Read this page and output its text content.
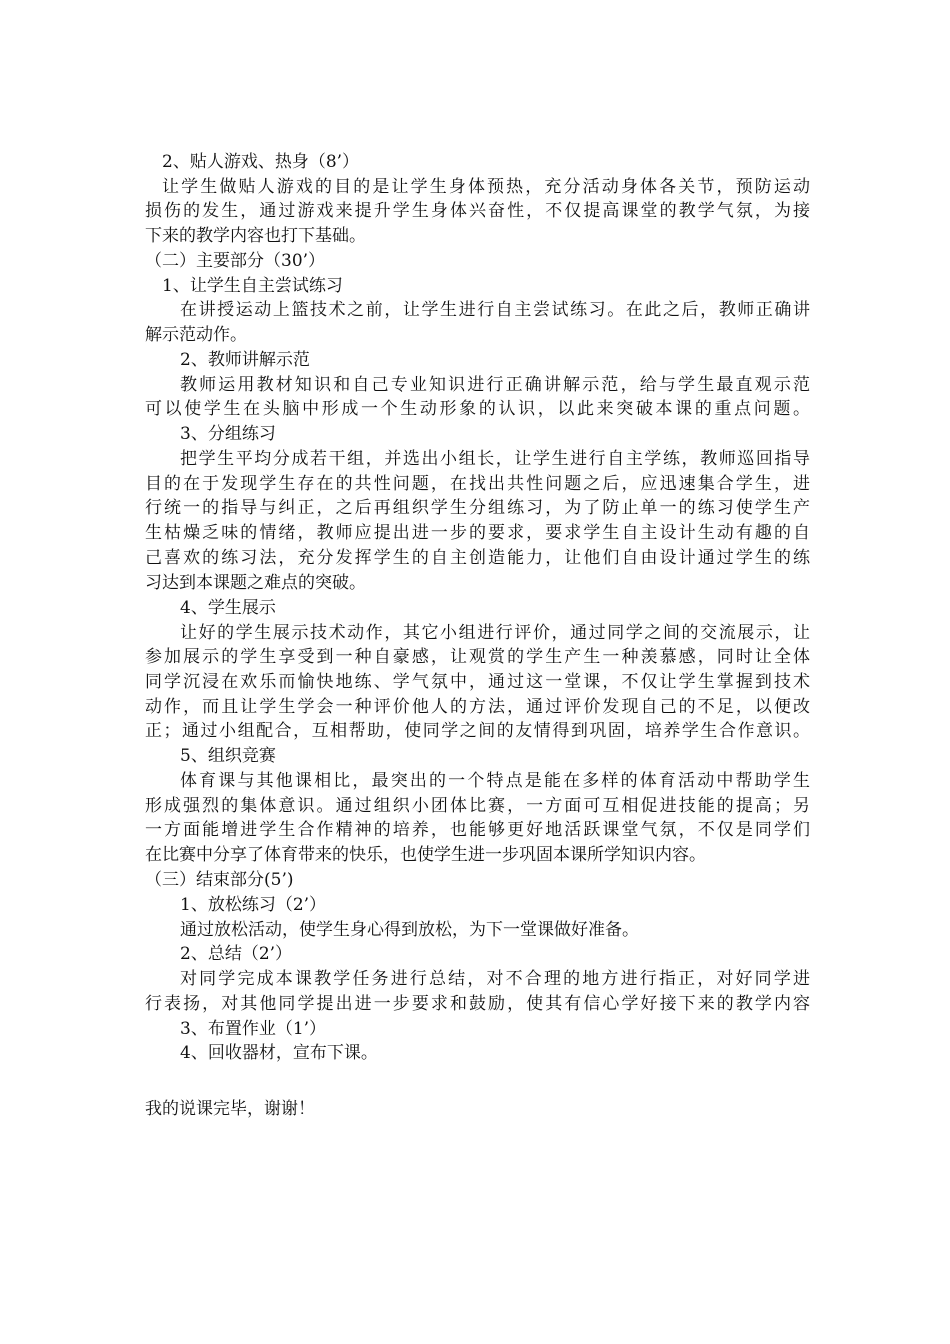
2、贴人游戏、热身（8’）
让学生做贴人游戏的目的是让学生身体预热，充分活动身体各关节，预防运动
损伤的发生，通过游戏来提升学生身体兴奋性，不仅提高课堂的教学气氛，为接
下来的教学内容也打下基础。
（二）主要部分（30’）
1、让学生自主尝试练习
在讲授运动上篮技术之前，让学生进行自主尝试练习。在此之后，教师正确讲
解示范动作。
2、教师讲解示范
教师运用教材知识和自己专业知识进行正确讲解示范，给与学生最直观示范
可以使学生在头脑中形成一个生动形象的认识，以此来突破本课的重点问题。
3、分组练习
把学生平均分成若干组，并选出小组长，让学生进行自主学练，教师巡回指导
目的在于发现学生存在的共性问题，在找出共性问题之后，应迅速集合学生，进
行统一的指导与纠正，之后再组织学生分组练习，为了防止单一的练习使学生产
生枯燥乏味的情绪，教师应提出进一步的要求，要求学生自主设计生动有趣的自
己喜欢的练习法，充分发挥学生的自主创造能力，让他们自由设计通过学生的练
习达到本课题之难点的突破。
4、学生展示
让好的学生展示技术动作，其它小组进行评价，通过同学之间的交流展示，让
参加展示的学生享受到一种自豪感，让观赏的学生产生一种羡慕感，同时让全体
同学沉浸在欢乐而愉快地练、学气氛中，通过这一堂课，不仅让学生掌握到技术
动作，而且让学生学会一种评价他人的方法，通过评价发现自己的不足，以便改
正；通过小组配合，互相帮助，使同学之间的友情得到巩固，培养学生合作意识。
5、组织竞赛
体育课与其他课相比，最突出的一个特点是能在多样的体育活动中帮助学生
形成强烈的集体意识。通过组织小团体比赛，一方面可互相促进技能的提高；另
一方面能增进学生合作精神的培养，也能够更好地活跃课堂气氛，不仅是同学们
在比赛中分享了体育带来的快乐，也使学生进一步巩固本课所学知识内容。
（三）结束部分(5’)
1、放松练习（2’）
通过放松活动，使学生身心得到放松，为下一堂课做好准备。
2、总结（2’）
对同学完成本课教学任务进行总结，对不合理的地方进行指正，对好同学进
行表扬，对其他同学提出进一步要求和鼓励，使其有信心学好接下来的教学内容
3、布置作业（1’）
4、回收器材，宣布下课。
我的说课完毕，谢谢！
